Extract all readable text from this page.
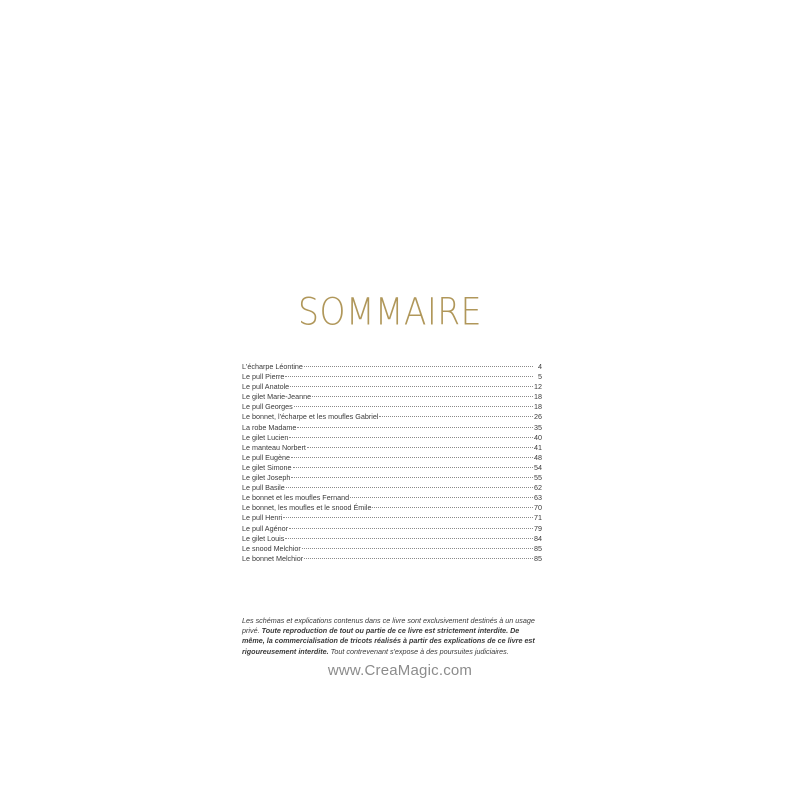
SOMMAIRE
L'écharpe Léontine	4
Le pull Pierre	5
Le pull Anatole	12
Le gilet Marie-Jeanne	18
Le pull Georges	18
Le bonnet, l'écharpe et les moufles Gabriel	26
La robe Madame	35
Le gilet Lucien	40
Le manteau Norbert	41
Le pull Eugène	48
Le gilet Simone	54
Le gilet Joseph	55
Le pull Basile	62
Le bonnet et les moufles Fernand	63
Le bonnet, les moufles et le snood Émile	70
Le pull Henri	71
Le pull Agénor	79
Le gilet Louis	84
Le snood Melchior	85
Le bonnet Melchior	85
Les schémas et explications contenus dans ce livre sont exclusivement destinés à un usage privé. Toute reproduction de tout ou partie de ce livre est strictement interdite. De même, la commercialisation de tricots réalisés à partir des explications de ce livre est rigoureusement interdite. Tout contrevenant s'expose à des poursuites judiciaires.
www.CreaMagic.com
